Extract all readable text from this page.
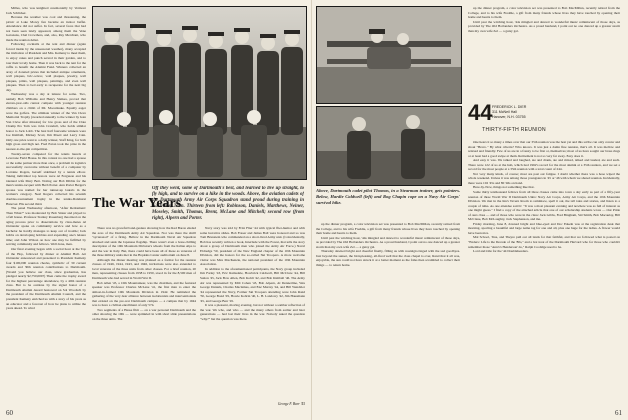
Milles, who was knighted ceremonially by Vermont Jack Schlicker.

Because the weather was cool and threatening, the picnic at Lake Morey fun became an indoor buffet. Attendance did not suffer. In fact, several faces that had not been seen lately appeared, among them the Vene Gatonans, Chal Crowthers, and, also, Ray Merchant, who made the reunion debut.

Following cocktails at the tent and dinner (again forced inside by the unseasonal weather), many accepted the invitation of President and Mrs. Kemeny to meet them, to enjoy cakes and punch served in their garden, and to tour their lovely home. Then it was back to the tent for the raffle to benefit the Alumni Fund. Winners collected an array of donated prizes that included antique ornaments, wall plaques, bric-a-brac, wall plaques, jewelry, wall plaques, prints, wall plaques, paintings, and even wall plaques. Then to bed early to recuperate for the next big day.

Wednesday was a day at leisure for some. Two, namely Bob Williams and Henry Sleikes, proved that eleven-year-olds cannot compete with younger reunion climbers on a climb of Mt. Moosilauke. Equally eager were the golfers. The ultimate winner of the Van Cleve Memorial Trophy (awarded annually to the winner by Jean Van Cleve after mission) for low gross and of the Clate Champ Pro Tem was John Crandall, who holds similar honor to Jack Lobb. The best half foursome winners were Joe Kimball, Mickey Scott, Jim Pruett and Larry Cain. Only one prize went to a daily winner, Staff King, for both high gross and high net. Fred Eaton took the prize in the nearest-to-the-pin competition.

Twenty-seven competed for the tennis laurels at Leverone Field House. In this contest no one had a spouse or the same partner more than once, a problem in logistics successfully overcome without benefit of a computer by Lorraine Rogers, herself sidelined by a tennis elbow. Taking individual top honors were Al Ferguson and his talented wife Mary Bett. Noting our Bob Dibble for the men's tennis-racquet with Herb Porter. Ann Porter Berger's spouse was named for her runner-up laurels in the women's category. Neal Rogers collected his seventh doubles-tournament trophy in the tennis-Dalehurst Hanover. His second third.

The panel Wednesday afternoon, "After Retirement: Then What?" was moderated by Bob Sinter and played to a full house. Professor Stanley Rosenberg theorized on the aging process prior to dissertations by class-mates Al Ostrander spoke on community service and how as a bachelor he hardly manages to keep out of trouble; Jack Gibbs on developing hobbies and expanding one's leisure time; and John Wilson on how one may be fulfilled by serving community and fellows. Well done, men.

Our final evening began with a social hour at the Top of the Hop, followed by dinner at Alumni Hall. Art Ostrander announced and presented to President Kemeny four $100,000 reunion checks, symbolic of 30 current awards and 30th reunion contributions to Dartmouth. (Would you believe our class, since graduation, has pledged nearly $2,750,000?) Then came the trophy award for the highest percentage attendance, by a 40th reunion class. But to be outdone by the signal honor of a Dartmouth Alumni Award bestowed on Sol Woodsch by the president of the Dartmouth Alumni Council, and the president Kemeny enriched us with a story of his years as an educator and a forecast of how he plans to utilize the years ahead. To wind

Off they went, some of Dartmouth's best, and learned to live up straight, to fly high, and to survive on a hike in the woods. Above, the aviation cadets of the Dartmouth Army Air Corps Squadron stand proud during training in Nashville, Tenn. Thirteen from left: Robinson, Daniels, Marthews, Neiner, Moseley, Smith, Thomas, Brent, McLane and Mitchell; second row (from right), Alpern and Porter.
The War Years

There was no graceful band-gesture showing how the Red Baron eluded the aces of the Dartmouth Army Air Squadron. Nor was there the shrill "sycanazod" of a firing. Hellow in the Dartmouth Naval Air Squadron attacked and sank the Japanese flagship. There wasn't even a bone-chilling description of the 10th Mountain Division's wheels from the Italian Alps to end the war in Italy. But, there could have been all of these as veterans of the three military units met in the Hopkins Center auditorium on June 8.

Although the dinner meeting was planned as a format for the reunion classes of 1946, 1944, 1943, and 1946, invitations were also extended to local veterans of the three units from other classes. For a brief reunion, 20 men, representing classes from 1938 to 1950, stood in for the 8,500 men of Dartmouth who had served in World War II.

Bob Allen '45, a 10th Mountaineer, was the chairman, and the featured speaker was Professor Charles McLane '41, the first man to enter the almost-in-formed 10th Mountain Division in 1942. He reminded the gathering of the very dear alliance between isolationists and interventionists that existed on the pre-war Dartmouth campus — a campus that by 1944 was to have a civilian enrollment of only 574.

Two segments of a Hesse film — on a war personal Dartmouth and the other showing the 10th — were sprinkled in with short slide presentations on the three units. The

Navy story was told by Fritz Flier '44 with typical flier-humor and with some lucrative slides. Bob Fraser and James Ball were honored and so was Tom Brunstein who commanded an a short-lived Army unit. (Coincidentally, Bob has recently written a book, Interlude with the Forest, that tells the story about a group of Dartmouth men who joined the Army Air Force.) Naval Eldredge '50, president of the New England chapter of the 10th Mountain Division, did the honors for the so-called Ski Troopers. A more welcome visitor was Max MacKenzie, the national president of the 10th Mountain Association.

In addition to the aforementioned participants, the Navy group included Jim Farley '43, Eric Ramsdale, Howbrick Caldwell, Bill McClure '44, Bill Sutton '45, Jack Bow Allen, Bob Kohli '42, and Bob Kimball '46. The Army Air was represented by Milt Cohen '43, Bob Alpern, Al Dennerline, Wes George Daniels, Charles Maclames, and Enz Murray '44, and Bill Wendzler '44 represented the Navy, Former Ski Troopers attending were John Rand '50, George Bond '29, Howie Kobrin '40, L. H. Landowy '42, Jim Hausmann '45, and George Barr '45.

It was a pleasant, moving evening, but not without a somber reflection of the war. We who, and who — and the many others from earlier and later generations — had lost their lives in the war. Nobody asked the question "why?" but the question was there.

George F. Barr '45
60
Above, Dartmouth cadet pilot Thomas, in a Stearman trainer, gets pointers. Below, Hardie Caldwell (left) and Rog Chapin cope on a Navy Air Corps' survival hike.

up the dinner program, a color television set was presented to Bob MacMillan, recently retired from the College, and to his wife Freddie, a gift from many friends whose lives they have touched by opening their home and hearts to them.

Until past the witching hour, '44s mingled and danced to wonderful music reminiscent of those days, as provided by The Old Hotlanders Orchestra. As a proud husband, I point out no one danced up a greater storm than my own wife Zel — a gutsy gal.

Thursday dawned bright and cheerful finally, filling us with nostalgia tinged with the sad goodbyes. Just beyond the sunset, the bird-pleasing, all-fired well that the class chapel is over, Rand that it all was, enjoyable, the sun could not have struck it at a better moment as the folks then scrambled to collect their things — to return home.

up the dinner program, a color television set was presented to Bob MacMillan, recently retired from the College, and to his wife Freddie, a gift from many friends whose lives they have touched by opening their home and hearts to them.

Until past the witching hour, '44s mingled and danced to wonderful music reminiscent of those days, as provided by The Old Hotlanders Orchestra. As a proud husband, I point out no one danced up a greater storm than my own wife Zel — a gutsy gal.

44 FREDERICK L. DIER
311 McNeil Hall
Hanover, N.H. 03755
THIRTY-FIFTH REUNION

One hears it so many a times over that our 35th reunion was the best yet and this scribe can only concur and shout "Bravo." By what criteria? Who knows. It was just a damn fine reunion, that's all. It was mellow and relaxed and friendly. Few of us are in a frenzy to be first or, themselves; most of us have sought our brass rings or at least had a good swipe at them. Retirement is not so very far away. Easy does it.

And easy it was. We talked and laughed, ate and drank, ate and mixed, talked and lauded, ate and such. There were 122 of us at the hub, which tied 1962's record for the most alumni at a 35th reunion, and we set a record for the most people at a 35th reunion with a total count of 244.

Not very many kinds, of course; most are past our fatigue. I doubt whether there was a hose wiped the whole weekend. Unless it was among those youngsters in '45 or '46 with whom we shared reunion. Incidentally, there were 102 '45s and 80 '46s on hand.

Here-by-Now, things not something like that.

Some thirty tenthousand fellows from all three classes came into town a day early as part of a fifty-year reunion of three World War II Dartmouth Units: Navy Air Corps, Army Air Corps, and the 10th Mountain Division. We met in the Inn's Tavern Room to reminisce, spell it out, the tall tales and stories, and listen to a couple of talks. As one attendee said it: "It was a most pleasant evening and nowhere was as full of interest as one might guess." I find a copy of the attached article that one of our scholarship students wrote — Our Pride of ours class — and of those who were in the class: Jack Gibbs, Fred Bingham, Sid Smith, Bob Macaulay, Bill McClane, Bob McLaughry, Jack Stephenson, and me.

Friday morning, June 8, dawned bright and blue-eyed and Doc Eskeln was at the registration desk that morning, sporting a beautiful and large name tag for one and all, plus one huge for the ladies. A flower would have been nice.

Mal School, Trus, and Theyre pull out all lands for that faithful, and that we followed what is posted on "Enders: Life is the Decade of the '80s," and a hot treat of the Dartmouth Harvard who for those who couldn't remember those "Ann's's Henderson' do," Ralph Coolidge used to be.

Lord and Ode for the '44 Doubleheaders.

61
